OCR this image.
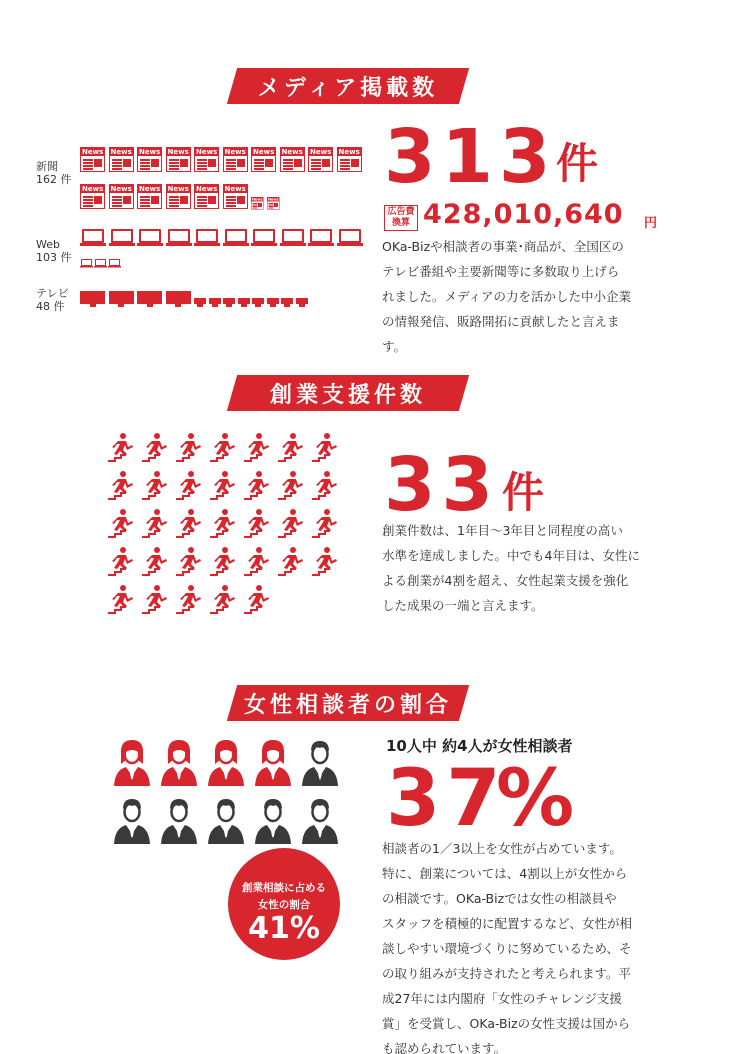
メディア掲載数
新聞
162 件
News News News News News News News News News News
News News News News News News
News News
Web
103 件
テレビ
48 件
313 件
広告費
換算 428,010,640 円
OKa-Bizや相談者の事業･商品が、全国区の
テレビ番組や主要新聞等に多数取り上げら
れました。メディアの力を活かした中小企業
の情報発信、販路開拓に貢献したと言えま
す。
創業支援件数
33 件
創業件数は、1年目～3年目と同程度の高い
水準を達成しました。中でも4年目は、女性に
よる創業が4割を超え、女性起業支援を強化
した成果の一端と言えます。
女性相談者の割合
10人中 約4人が女性相談者
37
%
創業相談に占める
女性の割合
41%
相談者の1／3以上を女性が占めています。
特に、創業については、4割以上が女性から
の相談です。OKa-Bizでは女性の相談員や
スタッフを積極的に配置するなど、女性が相
談しやすい環境づくりに努めているため、そ
の取り組みが支持されたと考えられます。平
成27年には内閣府「女性のチャレンジ支援
賞」を受賞し、OKa-Bizの女性支援は国から
も認められています。
